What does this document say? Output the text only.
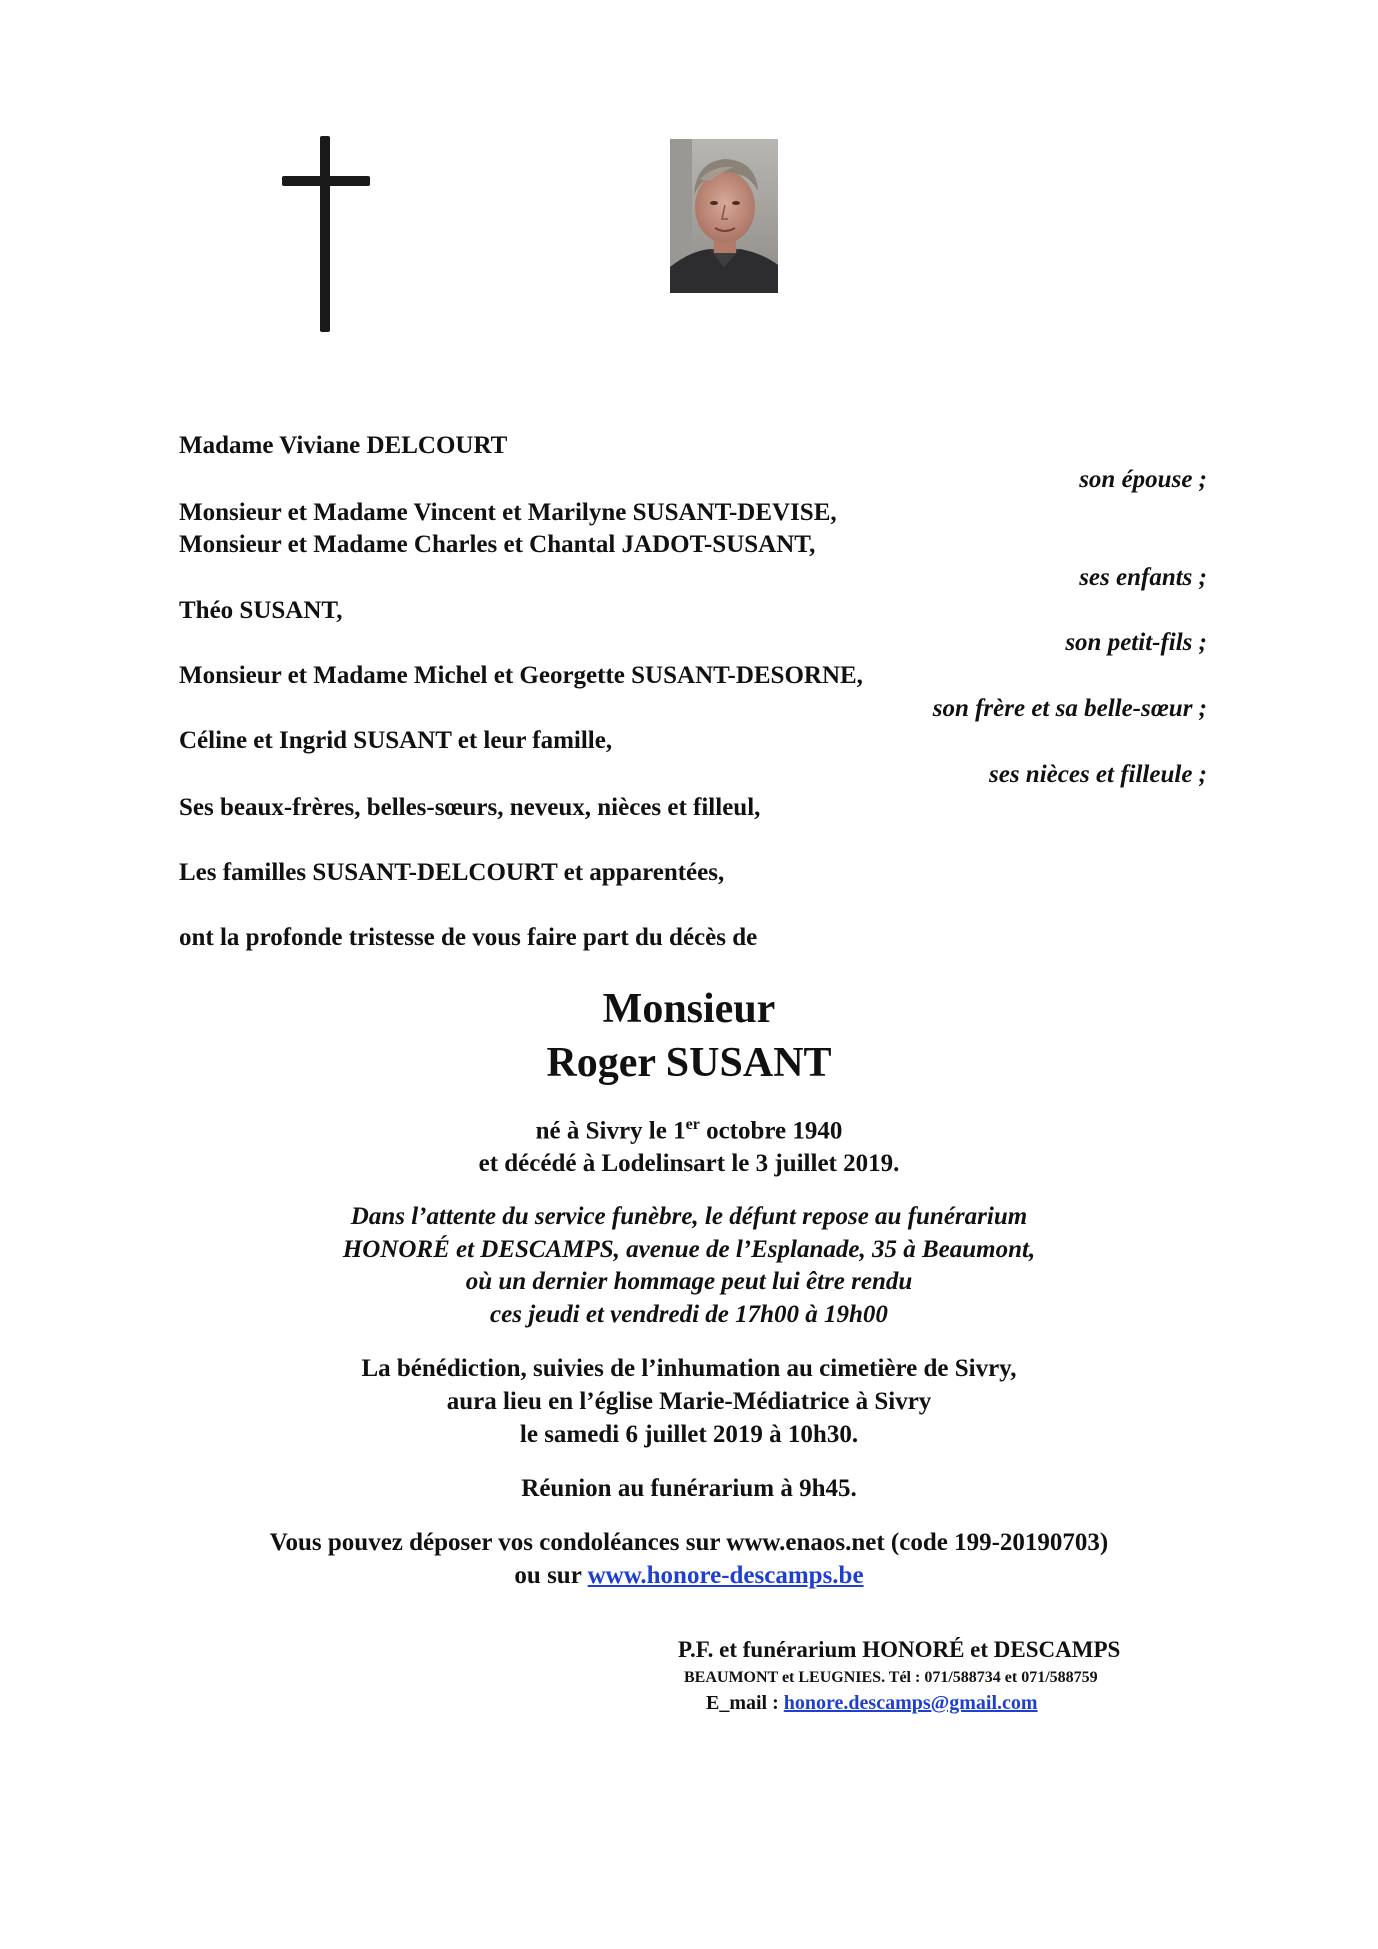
Madame Viviane DELCOURT
son épouse ;
Monsieur et Madame Vincent et Marilyne SUSANT-DEVISE,
Monsieur et Madame Charles et Chantal JADOT-SUSANT,
ses enfants ;
Théo SUSANT,
son petit-fils ;
Monsieur et Madame Michel et Georgette SUSANT-DESORNE,
son frère et sa belle-sœur ;
Céline et Ingrid SUSANT et leur famille,
ses nièces et filleule ;
Ses beaux-frères, belles-sœurs, neveux, nièces et filleul,
Les familles SUSANT-DELCOURT et apparentées,
ont la profonde tristesse de vous faire part du décès de
Monsieur
Roger SUSANT
né à Sivry le 1er octobre 1940
et décédé à Lodelinsart le 3 juillet 2019.
Dans l’attente du service funèbre, le défunt repose au funérarium
HONORÉ et DESCAMPS, avenue de l’Esplanade, 35 à Beaumont,
où un dernier hommage peut lui être rendu
ces jeudi et vendredi de 17h00 à 19h00
La bénédiction, suivies de l’inhumation au cimetière de Sivry,
aura lieu en l’église Marie-Médiatrice à Sivry
le samedi 6 juillet 2019 à 10h30.
Réunion au funérarium à 9h45.
Vous pouvez déposer vos condoléances sur www.enaos.net (code 199-20190703)
ou sur www.honore-descamps.be
P.F. et funérarium HONORÉ et DESCAMPS
BEAUMONT et LEUGNIES. Tél : 071/588734 et 071/588759
E_mail : honore.descamps@gmail.com
